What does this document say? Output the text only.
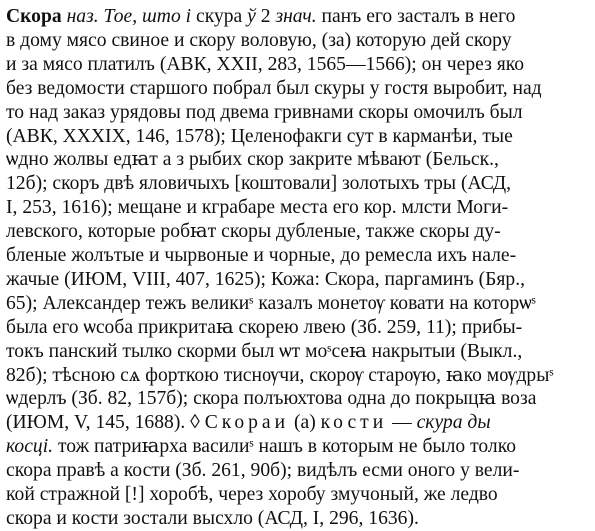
Скора наз. Тое, што і скура ў 2 знач. панъ его засталъ в него
в дому мясо свиное и скору воловую, (за) которую дей скору
и за мясо платилъ (АВК, XXII, 283, 1565—1566); он через яко
без ведомости старшого побрал был скуры у гостя выробит, над
то над заказ урядовы под двема гривнами скоры омочилъ был
(АВК, XXXIX, 146, 1578); Целенофакги сут в карманѣи, тые
ѡдно жолвы едꙗт а з рыбих скор закрите мѣвают (Бельск.,
12б); скоръ двѣ яловичыхъ [коштовали] золотыхъ тры (АСД,
I, 253, 1616); мещане и кграбаре места его кор. млсти Моги-
левского, которые робꙗт скоры дубленые, также скоры ду-
бленые жолътые и чырвоные и чорные, до ремесла ихъ нале-
жачые (ИЮМ, VIII, 407, 1625); Кожа: Скора, паргаминъ (Бяр.,
65); Александер тежъ великиˢ казалъ монетѹ ковати на которѡˢ
была его ѡсоба прикритаꙗ скорею лвею (Зб. 259, 11); прибы-
токъ панский тылко скорми был ѡт моˢсеꙗ накрытыи (Выкл.,
82б); тѣсною сѧ форткою тиснѹчи, скорѹ старѹю, ꙗко мѹдрыˢ
ѡдерлъ (Зб. 82, 157б); скора полъюхтова одна до покрыцꙗ воза
(ИЮМ, V, 145, 1688). ◊ Скораи (а) кости — скура ды
косці. тож патриꙗрха василиˢ нашъ в которым не было толко
скора правѣ а кости (Зб. 261, 90б); видѣлъ есми оного у вели-
кой стражной [!] хоробѣ, через хоробу змучоный, же ледво
скора и кости зостали высхло (АСД, I, 296, 1636).
